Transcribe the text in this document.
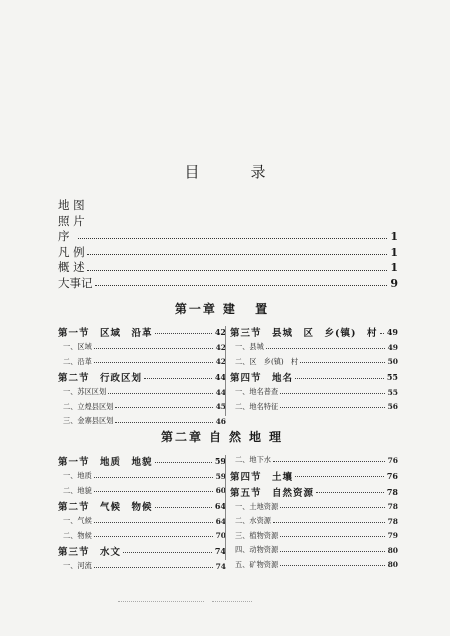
目　录
地 图
照 片
序	1
凡 例	1
概 述	1
大事记	9
第一章 建 置
第一节　区域　沿革	42
一、区域	42
二、沿革	42
第二节　行政区划	44
一、苏区区划	44
二、立煌县区划	45
三、金寨县区划	46
第三节　县城　区　乡(镇)　村 49
一、县城	49
二、区　乡(镇)　村	50
第四节　地名	55
一、地名普查	55
二、地名特征	56
第二章 自然地理
第一节　地质　地貌	59
一、地质	59
二、地貌	60
第二节　气候　物候	64
一、气候	64
二、物候	70
第三节　水文	74
一、河流	74
二、地下水	76
第四节　土壤	76
第五节　自然资源	78
一、土地资源	78
二、水资源	78
三、植物资源	79
四、动物资源	80
五、矿物资源	80
